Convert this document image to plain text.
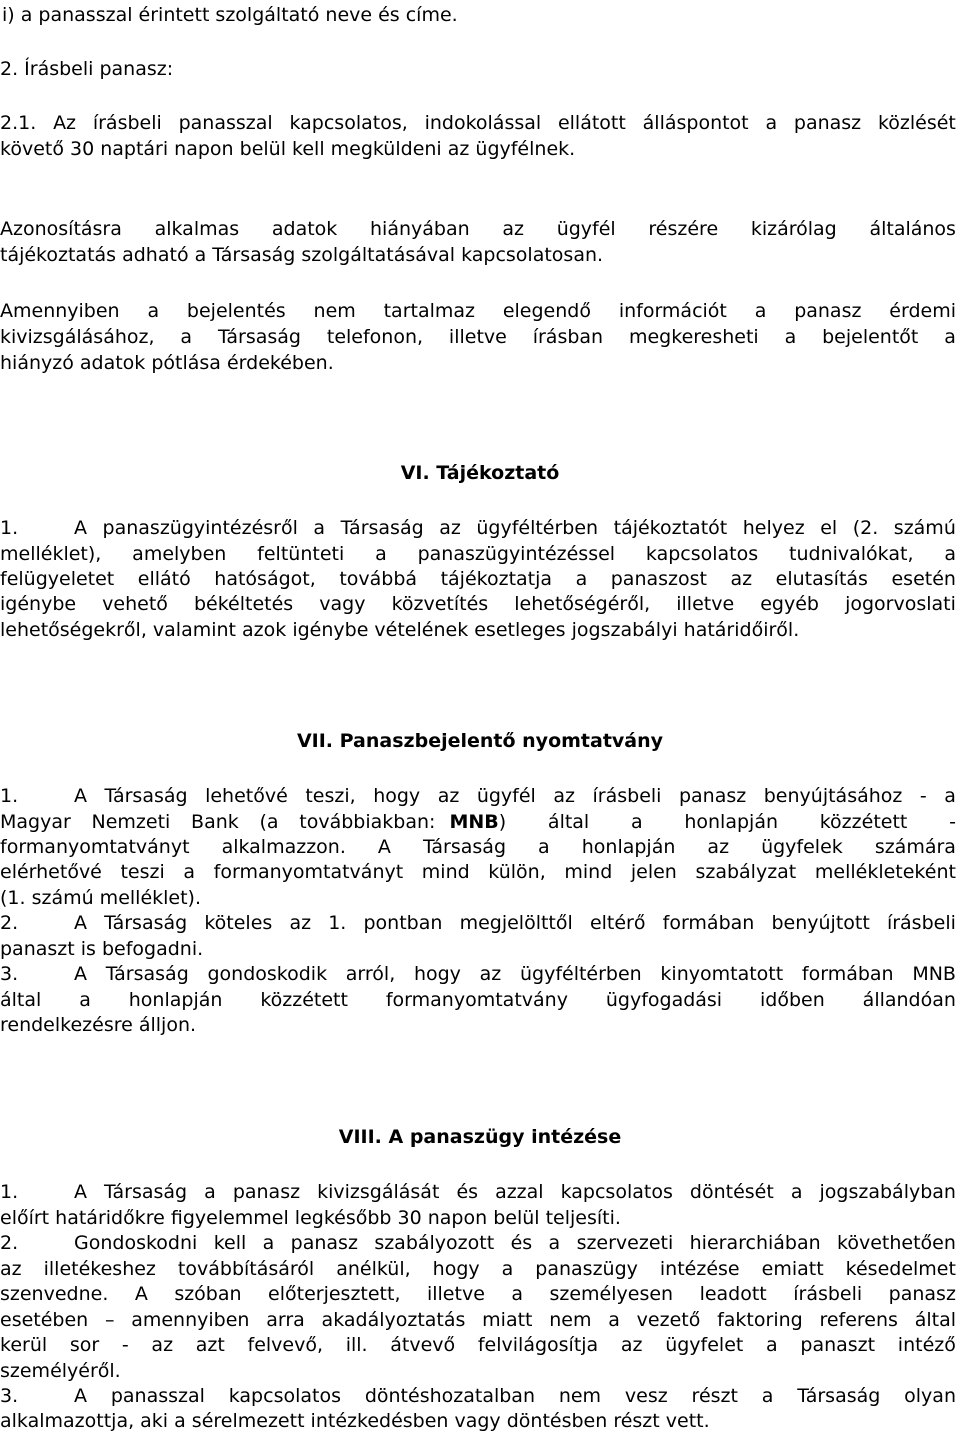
i) a panasszal érintett szolgáltató neve és címe.
2. Írásbeli panasz:
2.1. Az írásbeli panasszal kapcsolatos, indokolással ellátott álláspontot a panasz közlését
követő 30 naptári napon belül kell megküldeni az ügyfélnek.
Azonosításra alkalmas adatok hiányában az ügyfél részére kizárólag általános
tájékoztatás adható a Társaság szolgáltatásával kapcsolatosan.
Amennyiben a bejelentés nem tartalmaz elegendő információt a panasz érdemi
kivizsgálásához, a Társaság telefonon, illetve írásban megkeresheti a bejelentőt a
hiányzó adatok pótlása érdekében.
VI. Tájékoztató
1.	A panaszügyintézésről a Társaság az ügyféltérben tájékoztatót helyez el (2. számú
melléklet), amelyben feltünteti a panaszügyintézéssel kapcsolatos tudnivalókat, a
felügyeletet ellátó hatóságot, továbbá tájékoztatja a panaszost az elutasítás esetén
igénybe vehető békéltetés vagy közvetítés lehetőségéről, illetve egyéb jogorvoslati
lehetőségekről, valamint azok igénybe vételének esetleges jogszabályi határidőiről.
VII. Panaszbejelentő nyomtatvány
1.	A Társaság lehetővé teszi, hogy az ügyfél az írásbeli panasz benyújtásához - a
Magyar Nemzeti Bank (a továbbiakban: MNB ) által a honlapján közzétett -
formanyomtatványt alkalmazzon. A Társaság a honlapján az ügyfelek számára
elérhetővé teszi a formanyomtatványt mind külön, mind jelen szabályzat mellékleteként
(1. számú melléklet).
2.	A Társaság köteles az 1. pontban megjelölttől eltérő formában benyújtott írásbeli
panaszt is befogadni.
3.	A Társaság gondoskodik arról, hogy az ügyféltérben kinyomtatott formában MNB
által a honlapján közzétett formanyomtatvány ügyfogadási időben állandóan
rendelkezésre álljon.
VIII. A panaszügy intézése
1.	A Társaság a panasz kivizsgálását és azzal kapcsolatos döntését a jogszabályban
előírt határidőkre figyelemmel legkésőbb 30 napon belül teljesíti.
2.	Gondoskodni kell a panasz szabályozott és a szervezeti hierarchiában követhetően
az illetékeshez továbbításáról anélkül, hogy a panaszügy intézése emiatt késedelmet
szenvedne. A szóban előterjesztett, illetve a személyesen leadott írásbeli panasz
esetében – amennyiben arra akadályoztatás miatt nem a vezető faktoring referens által
kerül sor - az azt felvevő, ill. átvevő felvilágosítja az ügyfelet a panaszt intéző
személyéről.
3.	A panasszal kapcsolatos döntéshozatalban nem vesz részt a Társaság olyan
alkalmazottja, aki a sérelmezett intézkedésben vagy döntésben részt vett.
